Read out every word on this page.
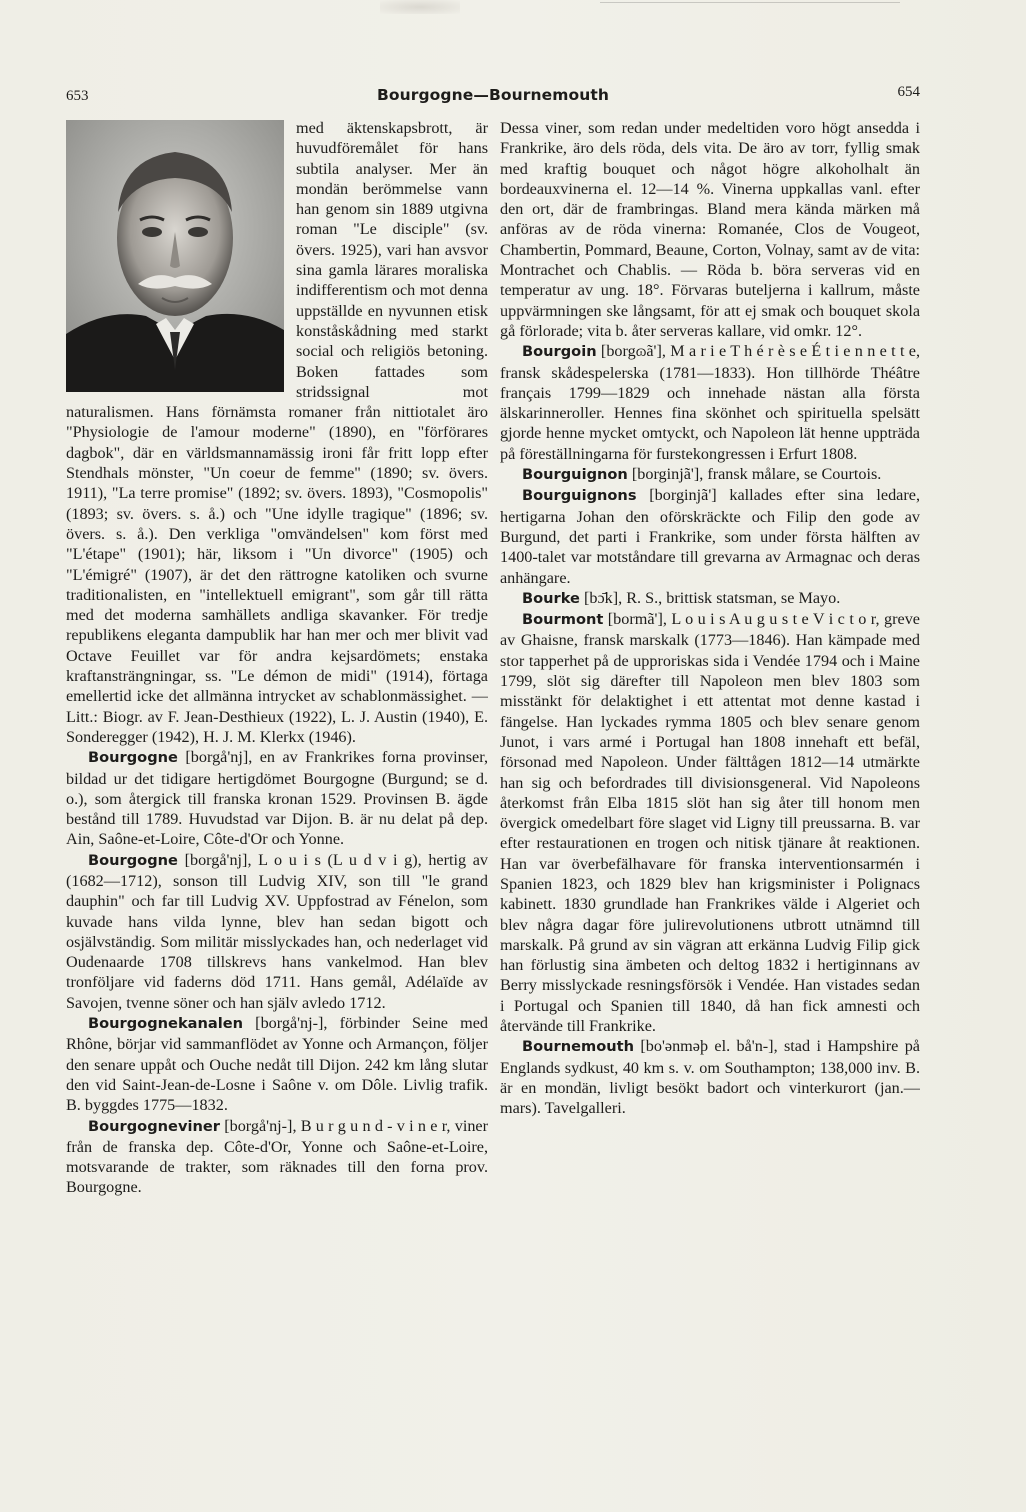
653	Bourgogne—Bournemouth	654

med äktenskapsbrott, är huvudföremålet för hans subtila analyser. Mer än mondän berömmelse vann han genom sin 1889 utgivna roman "Le disciple" (sv. övers. 1925), vari han avsvor sina gamla lärares moraliska indifferentism och mot denna uppställde en nyvunnen etisk konståskådning med starkt social och religiös betoning. Boken fattades som stridssignal mot naturalismen. Hans förnämsta romaner från nittiotalet äro "Physiologie de l'amour moderne" (1890), en "förförares dagbok", där en världsmannamässig ironi får fritt lopp efter Stendhals mönster, "Un coeur de femme" (1890; sv. övers. 1911), "La terre promise" (1892; sv. övers. 1893), "Cosmopolis" (1893; sv. övers. s. å.) och "Une idylle tragique" (1896; sv. övers. s. å.). Den verkliga "omvändelsen" kom först med "L'étape" (1901); här, liksom i "Un divorce" (1905) och "L'émigré" (1907), är det den rättrogne katoliken och svurne traditionalisten, en "intellektuell emigrant", som går till rätta med det moderna samhällets andliga skavanker. För tredje republikens eleganta dampublik har han mer och mer blivit vad Octave Feuillet var för andra kejsardömets; enstaka kraftansträngningar, ss. "Le démon de midi" (1914), förtaga emellertid icke det allmänna intrycket av schablonmässighet. — Litt.: Biogr. av F. Jean-Desthieux (1922), L. J. Austin (1940), E. Sonderegger (1942), H. J. M. Klerkx (1946).

Bourgogne [borgå'nj], en av Frankrikes forna provinser, bildad ur det tidigare hertigdömet Bourgogne (Burgund; se d. o.), som återgick till franska kronan 1529. Provinsen B. ägde bestånd till 1789. Huvudstad var Dijon. B. är nu delat på dep. Ain, Saône-et-Loire, Côte-d'Or och Yonne.

Bourgogne [borgå'nj], L o u i s (L u d v i g), hertig av (1682—1712), sonson till Ludvig XIV, son till "le grand dauphin" och far till Ludvig XV. Uppfostrad av Fénelon, som kuvade hans vilda lynne, blev han sedan bigott och osjälvständig. Som militär misslyckades han, och nederlaget vid Oudenaarde 1708 tillskrevs hans vankelmod. Han blev tronföljare vid faderns död 1711. Hans gemål, Adélaïde av Savojen, tvenne söner och han själv avledo 1712.

Bourgognekanalen [borgå'nj-], förbinder Seine med Rhône, börjar vid sammanflödet av Yonne och Armançon, följer den senare uppåt och Ouche nedåt till Dijon. 242 km lång slutar den vid Saint-Jean-de-Losne i Saône v. om Dôle. Livlig trafik. B. byggdes 1775—1832.

Bourgogneviner [borgå'nj-], B u r g u n d - v i n e r, viner från de franska dep. Côte-d'Or, Yonne och Saône-et-Loire, motsvarande de trakter, som räknades till den forna prov. Bourgogne.

Dessa viner, som redan under medeltiden voro högt ansedda i Frankrike, äro dels röda, dels vita. De äro av torr, fyllig smak med kraftig bouquet och något högre alkoholhalt än bordeauxvinerna el. 12—14 %. Vinerna uppkallas vanl. efter den ort, där de frambringas. Bland mera kända märken må anföras av de röda vinerna: Romanée, Clos de Vougeot, Chambertin, Pommard, Beaune, Corton, Volnay, samt av de vita: Montrachet och Chablis. — Röda b. böra serveras vid en temperatur av ung. 18°. Förvaras buteljerna i kallrum, måste uppvärmningen ske långsamt, för att ej smak och bouquet skola gå förlorade; vita b. åter serveras kallare, vid omkr. 12°.

Bourgoin [borgɷã'], M a r i e T h é r è s e É t i e n n e t t e, fransk skådespelerska (1781—1833). Hon tillhörde Théâtre français 1799—1829 och innehade nästan alla första älskarinneroller. Hennes fina skönhet och spirituella spelsätt gjorde henne mycket omtyckt, och Napoleon lät henne uppträda på föreställningarna för furstekongressen i Erfurt 1808.

Bourguignon [borginjã'], fransk målare, se Courtois.

Bourguignons [borginjã'] kallades efter sina ledare, hertigarna Johan den oförskräckte och Filip den gode av Burgund, det parti i Frankrike, som under första hälften av 1400-talet var motståndare till grevarna av Armagnac och deras anhängare.

Bourke [bɔ̄k], R. S., brittisk statsman, se Mayo.

Bourmont [bormã'], L o u i s A u g u s t e V i c t o r, greve av Ghaisne, fransk marskalk (1773—1846). Han kämpade med stor tapperhet på de upproriskas sida i Vendée 1794 och i Maine 1799, slöt sig därefter till Napoleon men blev 1803 som misstänkt för delaktighet i ett attentat mot denne kastad i fängelse. Han lyckades rymma 1805 och blev senare genom Junot, i vars armé i Portugal han 1808 innehaft ett befäl, försonad med Napoleon. Under fälttågen 1812—14 utmärkte han sig och befordrades till divisionsgeneral. Vid Napoleons återkomst från Elba 1815 slöt han sig åter till honom men övergick omedelbart före slaget vid Ligny till preussarna. B. var efter restaurationen en trogen och nitisk tjänare åt reaktionen. Han var överbefälhavare för franska interventionsarmén i Spanien 1823, och 1829 blev han krigsminister i Polignacs kabinett. 1830 grundlade han Frankrikes välde i Algeriet och blev några dagar före julirevolutionens utbrott utnämnd till marskalk. På grund av sin vägran att erkänna Ludvig Filip gick han förlustig sina ämbeten och deltog 1832 i hertiginnans av Berry misslyckade resningsförsök i Vendée. Han vistades sedan i Portugal och Spanien till 1840, då han fick amnesti och återvände till Frankrike.

Bournemouth [bo'ənməþ el. bå'n-], stad i Hampshire på Englands sydkust, 40 km s. v. om Southampton; 138,000 inv. B. är en mondän, livligt besökt badort och vinterkurort (jan.—mars). Tavelgalleri.
